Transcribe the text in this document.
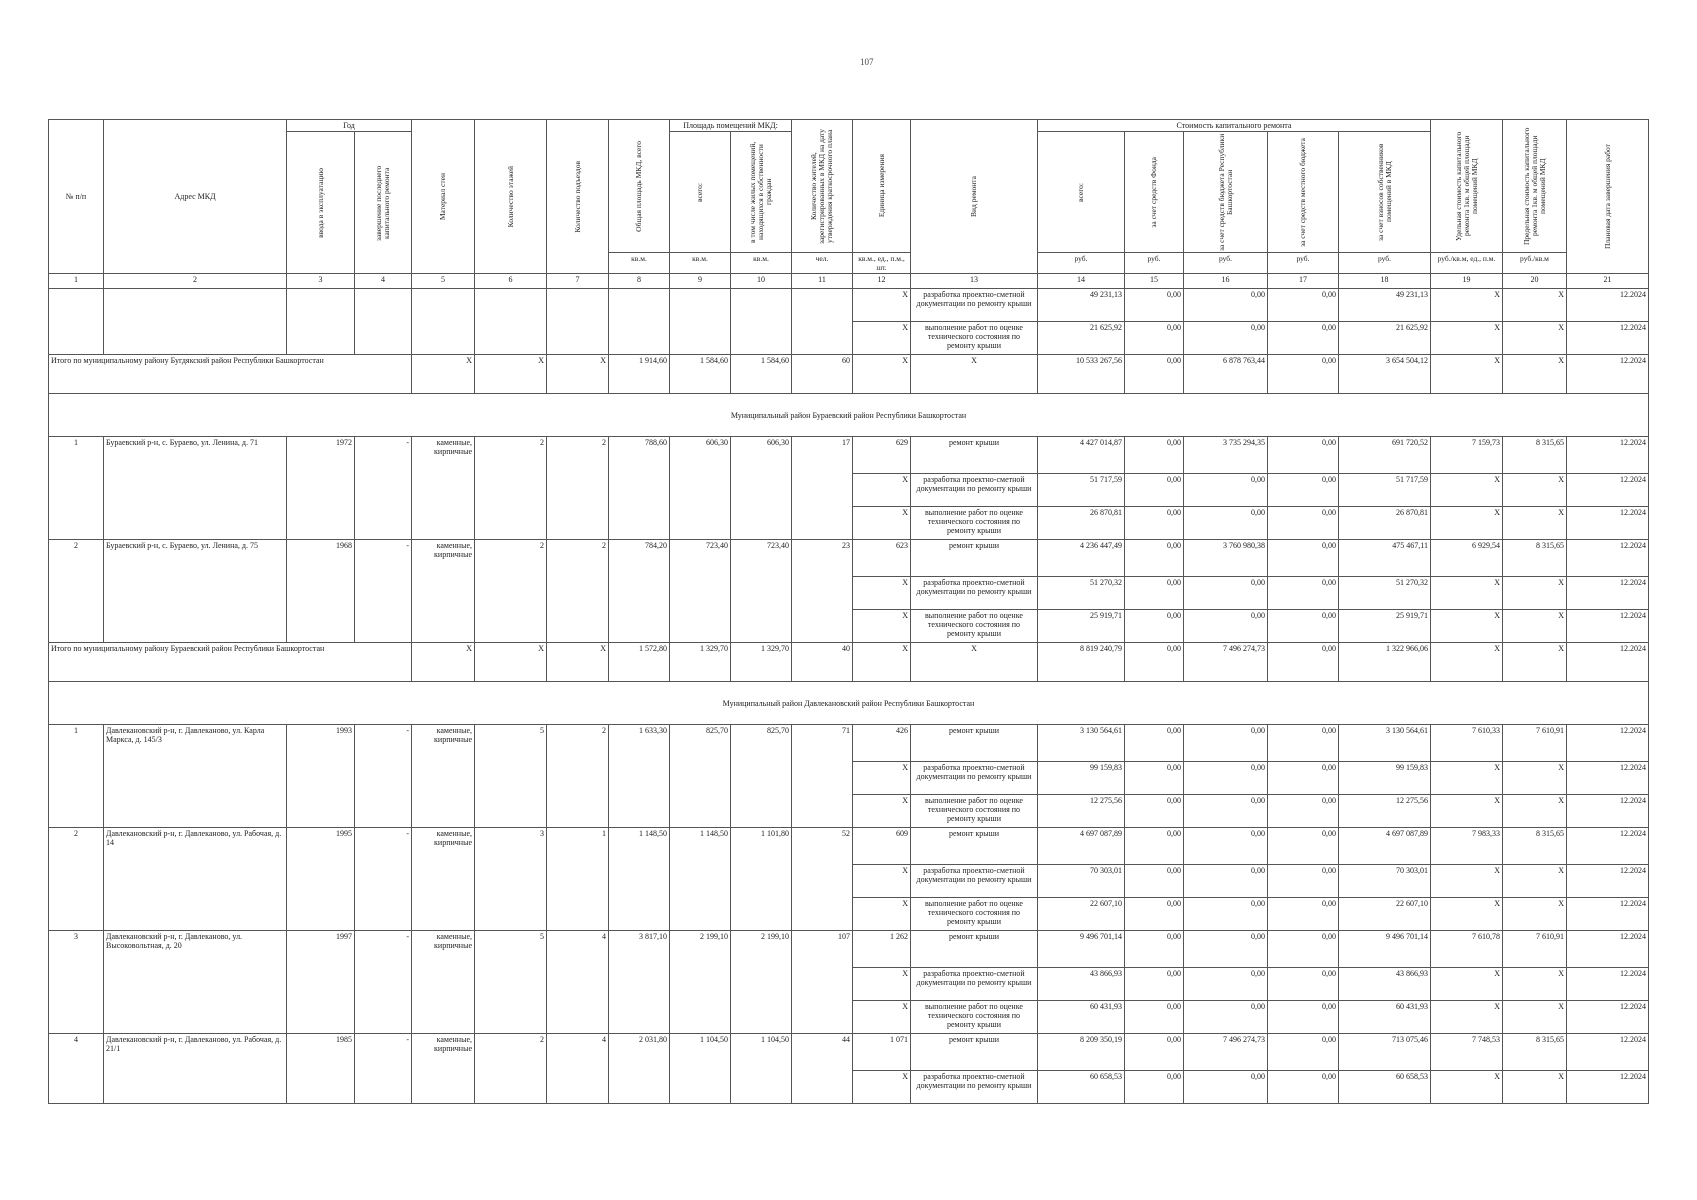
107
№ п/п	Адрес МКД	Год		Материал стен	Количество этажей	Количество подъездов	Общая площадь МКД, всего	Площадь помещений МКД:		Количество жителей, зарегистрированных в МКД на дату утверждения краткосрочного плана	Единица измерения	Вид ремонта	Стоимость капитального ремонта					Удельная стоимость капитального ремонта 1кв. м общей площади помещений МКД	Предельная стоимость капитального ремонта 1кв. м общей площади помещений МКД	Плановая дата завершения работ

		ввода в эксплуатацию	завершение последнего капитального ремонта					всего:	в том числе жилых помещений, находящихся в собственности граждан				всего:	за счет средств Фонда	за счет средств бюджета Республики Башкортостан	за счет средств местного бюджета	за счет взносов собственников помещений в МКД			

							кв.м.	кв.м.	кв.м.	чел.	кв.м., ед., п.м., шт.		руб.	руб.	руб.	руб.	руб.	руб./кв.м, ед., п.м.	руб./кв.м	
1	2	3	4	5	6	7	8	9	10	11	12	13	14	15	16	17	18	19	20	21
											X	разработка проектно-сметной документации по ремонту крыши	49 231,13	0,00	0,00	0,00	49 231,13	X	X	12.2024
											X	выполнение работ по оценке технического состояния по ремонту крыши	21 625,92	0,00	0,00	0,00	21 625,92	X	X	12.2024
Итого по муниципальному району Бугдякский район Республики Башкортостан				X	X	X	1 914,60	1 584,60	1 584,60	60	X	X	10 533 267,56	0,00	6 878 763,44	0,00	3 654 504,12	X	X	12.2024
Муниципальный район Бураевский район Республики Башкортостан																				
1	Бураевский р-н, с. Бураево, ул. Ленина, д. 71	1972	-	каменные, кирпичные	2	2	788,60	606,30	606,30	17	629	ремонт крыши	4 427 014,87	0,00	3 735 294,35	0,00	691 720,52	7 159,73	8 315,65	12.2024
											X	разработка проектно-сметной документации по ремонту крыши	51 717,59	0,00	0,00	0,00	51 717,59	X	X	12.2024
											X	выполнение работ по оценке технического состояния по ремонту крыши	26 870,81	0,00	0,00	0,00	26 870,81	X	X	12.2024
2	Бураевский р-н, с. Бураево, ул. Ленина, д. 75	1968	-	каменные, кирпичные	2	2	784,20	723,40	723,40	23	623	ремонт крыши	4 236 447,49	0,00	3 760 980,38	0,00	475 467,11	6 929,54	8 315,65	12.2024
											X	разработка проектно-сметной документации по ремонту крыши	51 270,32	0,00	0,00	0,00	51 270,32	X	X	12.2024
											X	выполнение работ по оценке технического состояния по ремонту крыши	25 919,71	0,00	0,00	0,00	25 919,71	X	X	12.2024
Итого по муниципальному району Бураевский район Республики Башкортостан				X	X	X	1 572,80	1 329,70	1 329,70	40	X	X	8 819 240,79	0,00	7 496 274,73	0,00	1 322 966,06	X	X	12.2024
Муниципальный район Давлекановский район Республики Башкортостан																				
1	Давлекановский р-н, г. Давлеканово, ул. Карла Маркса, д. 145/3	1993	-	каменные, кирпичные	5	2	1 633,30	825,70	825,70	71	426	ремонт крыши	3 130 564,61	0,00	0,00	0,00	3 130 564,61	7 610,33	7 610,91	12.2024
											X	разработка проектно-сметной документации по ремонту крыши	99 159,83	0,00	0,00	0,00	99 159,83	X	X	12.2024
											X	выполнение работ по оценке технического состояния по ремонту крыши	12 275,56	0,00	0,00	0,00	12 275,56	X	X	12.2024
2	Давлекановский р-н, г. Давлеканово, ул. Рабочая, д. 14	1995	-	каменные, кирпичные	3	1	1 148,50	1 148,50	1 101,80	52	609	ремонт крыши	4 697 087,89	0,00	0,00	0,00	4 697 087,89	7 983,33	8 315,65	12.2024
											X	разработка проектно-сметной документации по ремонту крыши	70 303,01	0,00	0,00	0,00	70 303,01	X	X	12.2024
											X	выполнение работ по оценке технического состояния по ремонту крыши	22 607,10	0,00	0,00	0,00	22 607,10	X	X	12.2024
3	Давлекановский р-н, г. Давлеканово, ул. Высоковольтная, д. 20	1997	-	каменные, кирпичные	5	4	3 817,10	2 199,10	2 199,10	107	1 262	ремонт крыши	9 496 701,14	0,00	0,00	0,00	9 496 701,14	7 610,78	7 610,91	12.2024
											X	разработка проектно-сметной документации по ремонту крыши	43 866,93	0,00	0,00	0,00	43 866,93	X	X	12.2024
											X	выполнение работ по оценке технического состояния по ремонту крыши	60 431,93	0,00	0,00	0,00	60 431,93	X	X	12.2024
4	Давлекановский р-н, г. Давлеканово, ул. Рабочая, д. 21/1	1985	-	каменные, кирпичные	2	4	2 031,80	1 104,50	1 104,50	44	1 071	ремонт крыши	8 209 350,19	0,00	7 496 274,73	0,00	713 075,46	7 748,53	8 315,65	12.2024
											X	разработка проектно-сметной документации по ремонту крыши	60 658,53	0,00	0,00	0,00	60 658,53	X	X	12.2024
